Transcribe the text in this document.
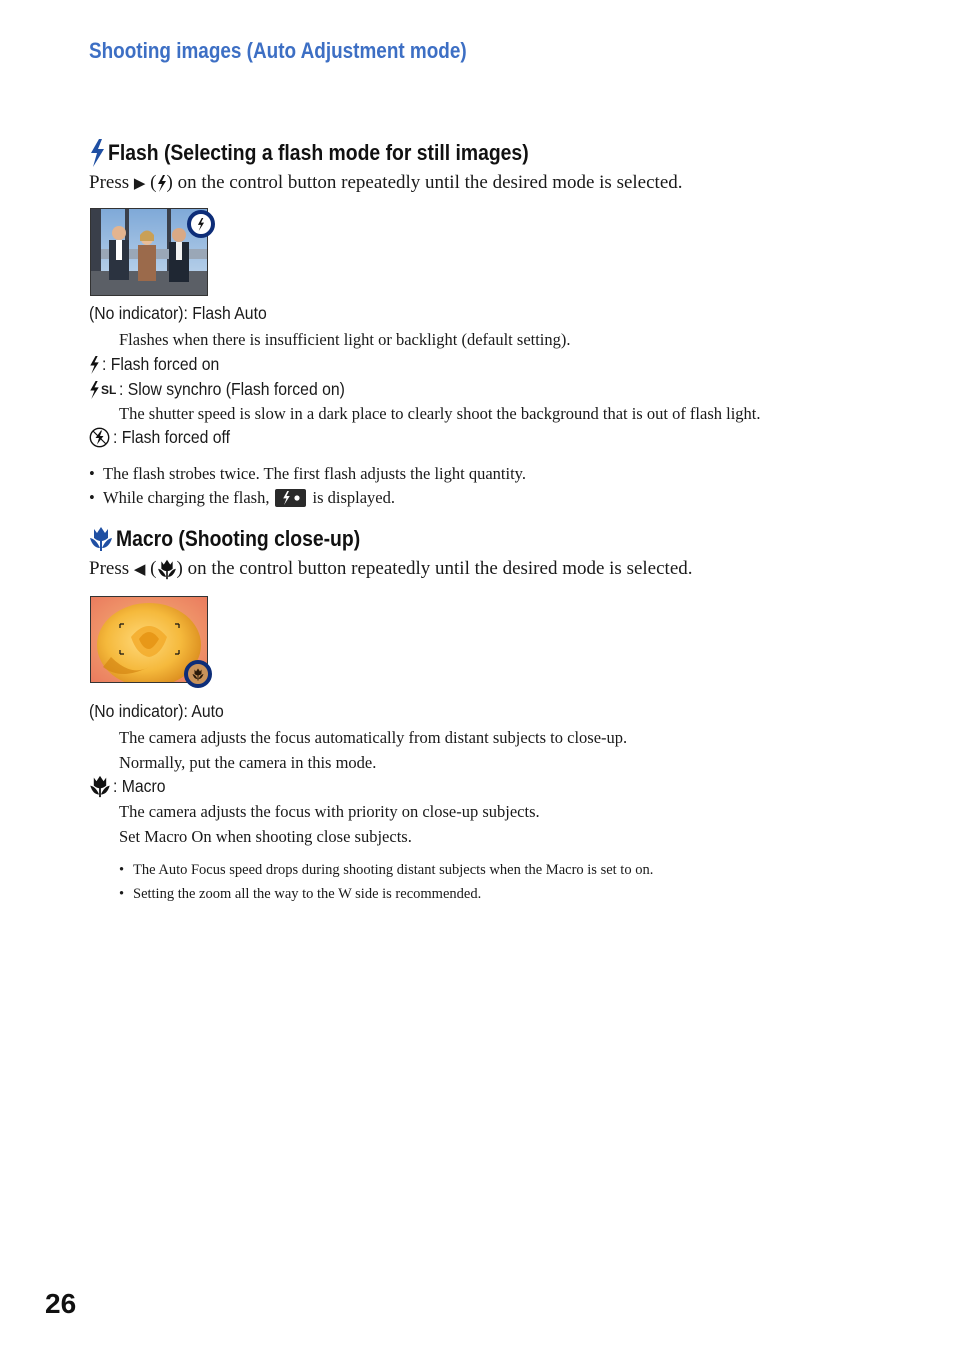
Shooting images (Auto Adjustment mode)
Flash (Selecting a flash mode for still images)
Press ▶ ( ) on the control button repeatedly until the desired mode is selected.
(No indicator): Flash Auto
Flashes when there is insufficient light or backlight (default setting).
: Flash forced on
SL : Slow synchro (Flash forced on)
The shutter speed is slow in a dark place to clearly shoot the background that is out of flash light.
: Flash forced off
• The flash strobes twice. The first flash adjusts the light quantity.
• While charging the flash,	is displayed.
Macro (Shooting close-up)
Press ◀ ( ) on the control button repeatedly until the desired mode is selected.
(No indicator): Auto
The camera adjusts the focus automatically from distant subjects to close-up.
Normally, put the camera in this mode.
: Macro
The camera adjusts the focus with priority on close-up subjects.
Set Macro On when shooting close subjects.
• The Auto Focus speed drops during shooting distant subjects when the Macro is set to on.
• Setting the zoom all the way to the W side is recommended.
26
